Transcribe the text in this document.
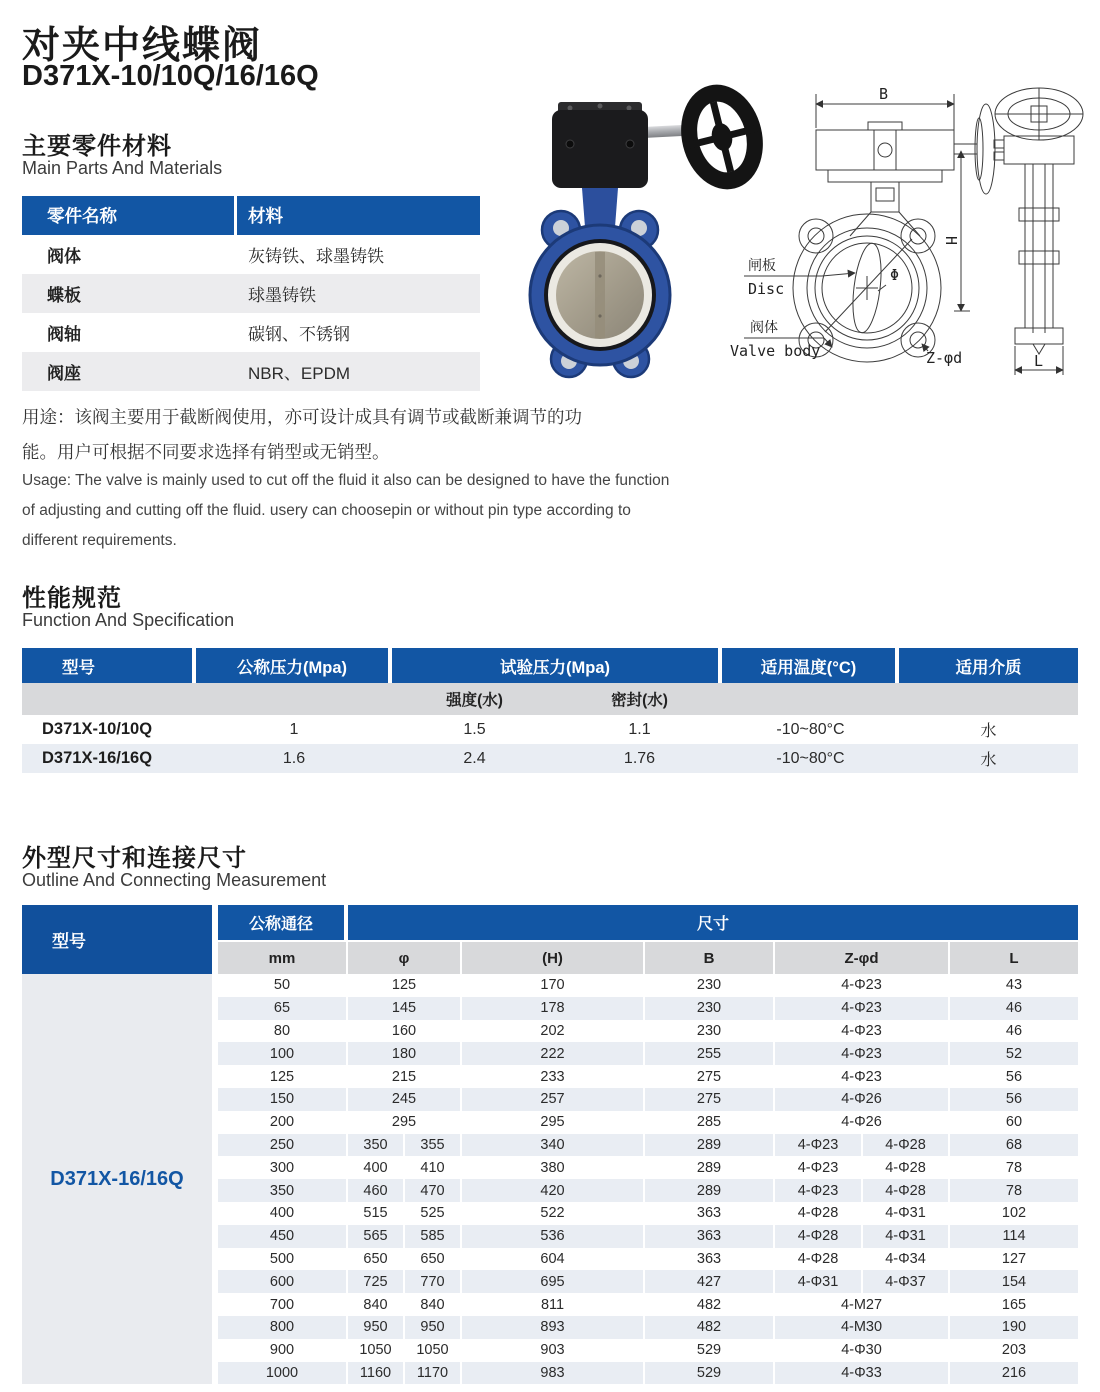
对夹中线蝶阀
D371X-10/10Q/16/16Q
主要零件材料
Main Parts And Materials
零件名称	材料
阀体	灰铸铁、球墨铸铁
蝶板	球墨铸铁
阀轴	碳钢、不锈钢
阀座	NBR、EPDM
B
H
Φ
Z-φd	L
闸板
Disc
阀体
Valve body
用途：该阀主要用于截断阀使用，亦可设计成具有调节或截断兼调节的功能。用户可根据不同要求选择有销型或无销型。
Usage: The valve is mainly used to cut off the fluid it also can be designed to have the function of adjusting and cutting off the fluid. usery can choosepin or without pin type according to different requirements.
性能规范
Function And Specification
型号	公称压力(Mpa)	试验压力(Mpa)		适用温度(°C)	适用介质
		强度(水)	密封(水)		
D371X-10/10Q	1	1.5	1.1	-10~80°C	水
D371X-16/16Q	1.6	2.4	1.76	-10~80°C	水
外型尺寸和连接尺寸
Outline And Connecting Measurement
型号	公称通径	尺寸						
	mm	φ		(H)	B	Z-φd		L
D371X-16/16Q	50	125		170	230	4-Φ23		43
	65	145		178	230	4-Φ23		46
	80	160		202	230	4-Φ23		46
	100	180		222	255	4-Φ23		52
	125	215		233	275	4-Φ23		56
	150	245		257	275	4-Φ26		56
	200	295		295	285	4-Φ26		60
	250	350	355	340	289	4-Φ23	4-Φ28	68
	300	400	410	380	289	4-Φ23	4-Φ28	78
	350	460	470	420	289	4-Φ23	4-Φ28	78
	400	515	525	522	363	4-Φ28	4-Φ31	102
	450	565	585	536	363	4-Φ28	4-Φ31	114
	500	650	650	604	363	4-Φ28	4-Φ34	127
	600	725	770	695	427	4-Φ31	4-Φ37	154
	700	840	840	811	482	4-M27		165
	800	950	950	893	482	4-M30		190
	900	1050	1050	903	529	4-Φ30		203
	1000	1160	1170	983	529	4-Φ33		216
